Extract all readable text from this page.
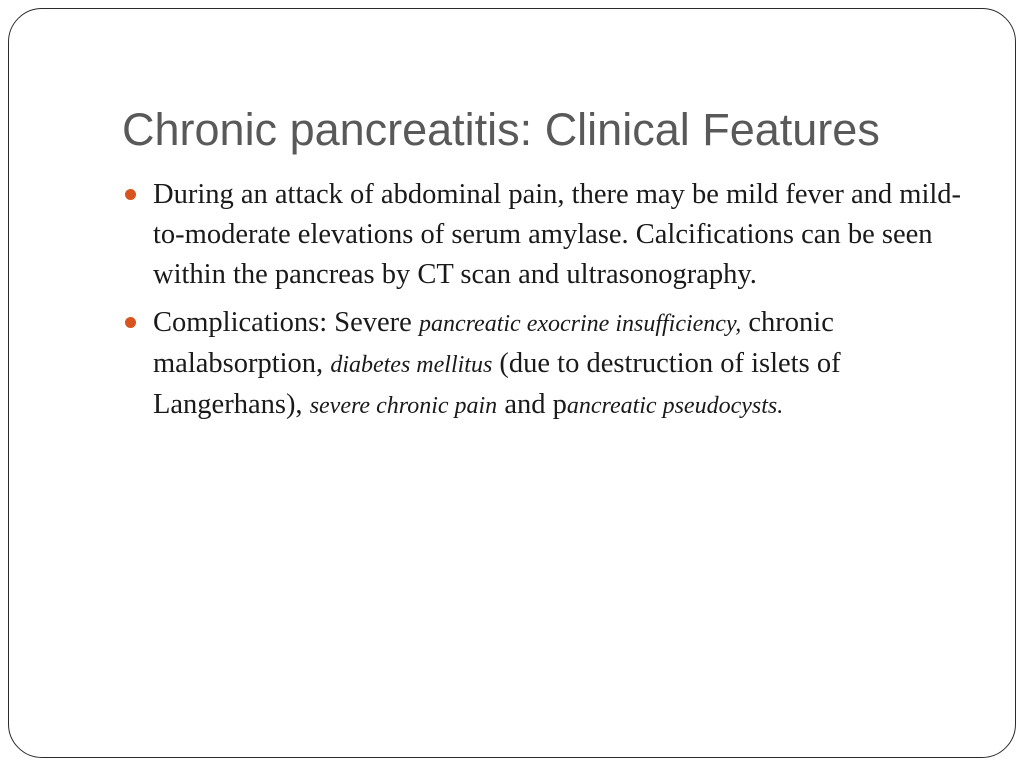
Chronic pancreatitis: Clinical Features
During an attack of abdominal pain, there may be mild fever and mild-to-moderate elevations of serum amylase. Calcifications can be seen within the pancreas by CT scan and ultrasonography.
Complications: Severe pancreatic exocrine insufficiency, chronic malabsorption, diabetes mellitus (due to destruction of islets of Langerhans), severe chronic pain and pancreatic pseudocysts.
